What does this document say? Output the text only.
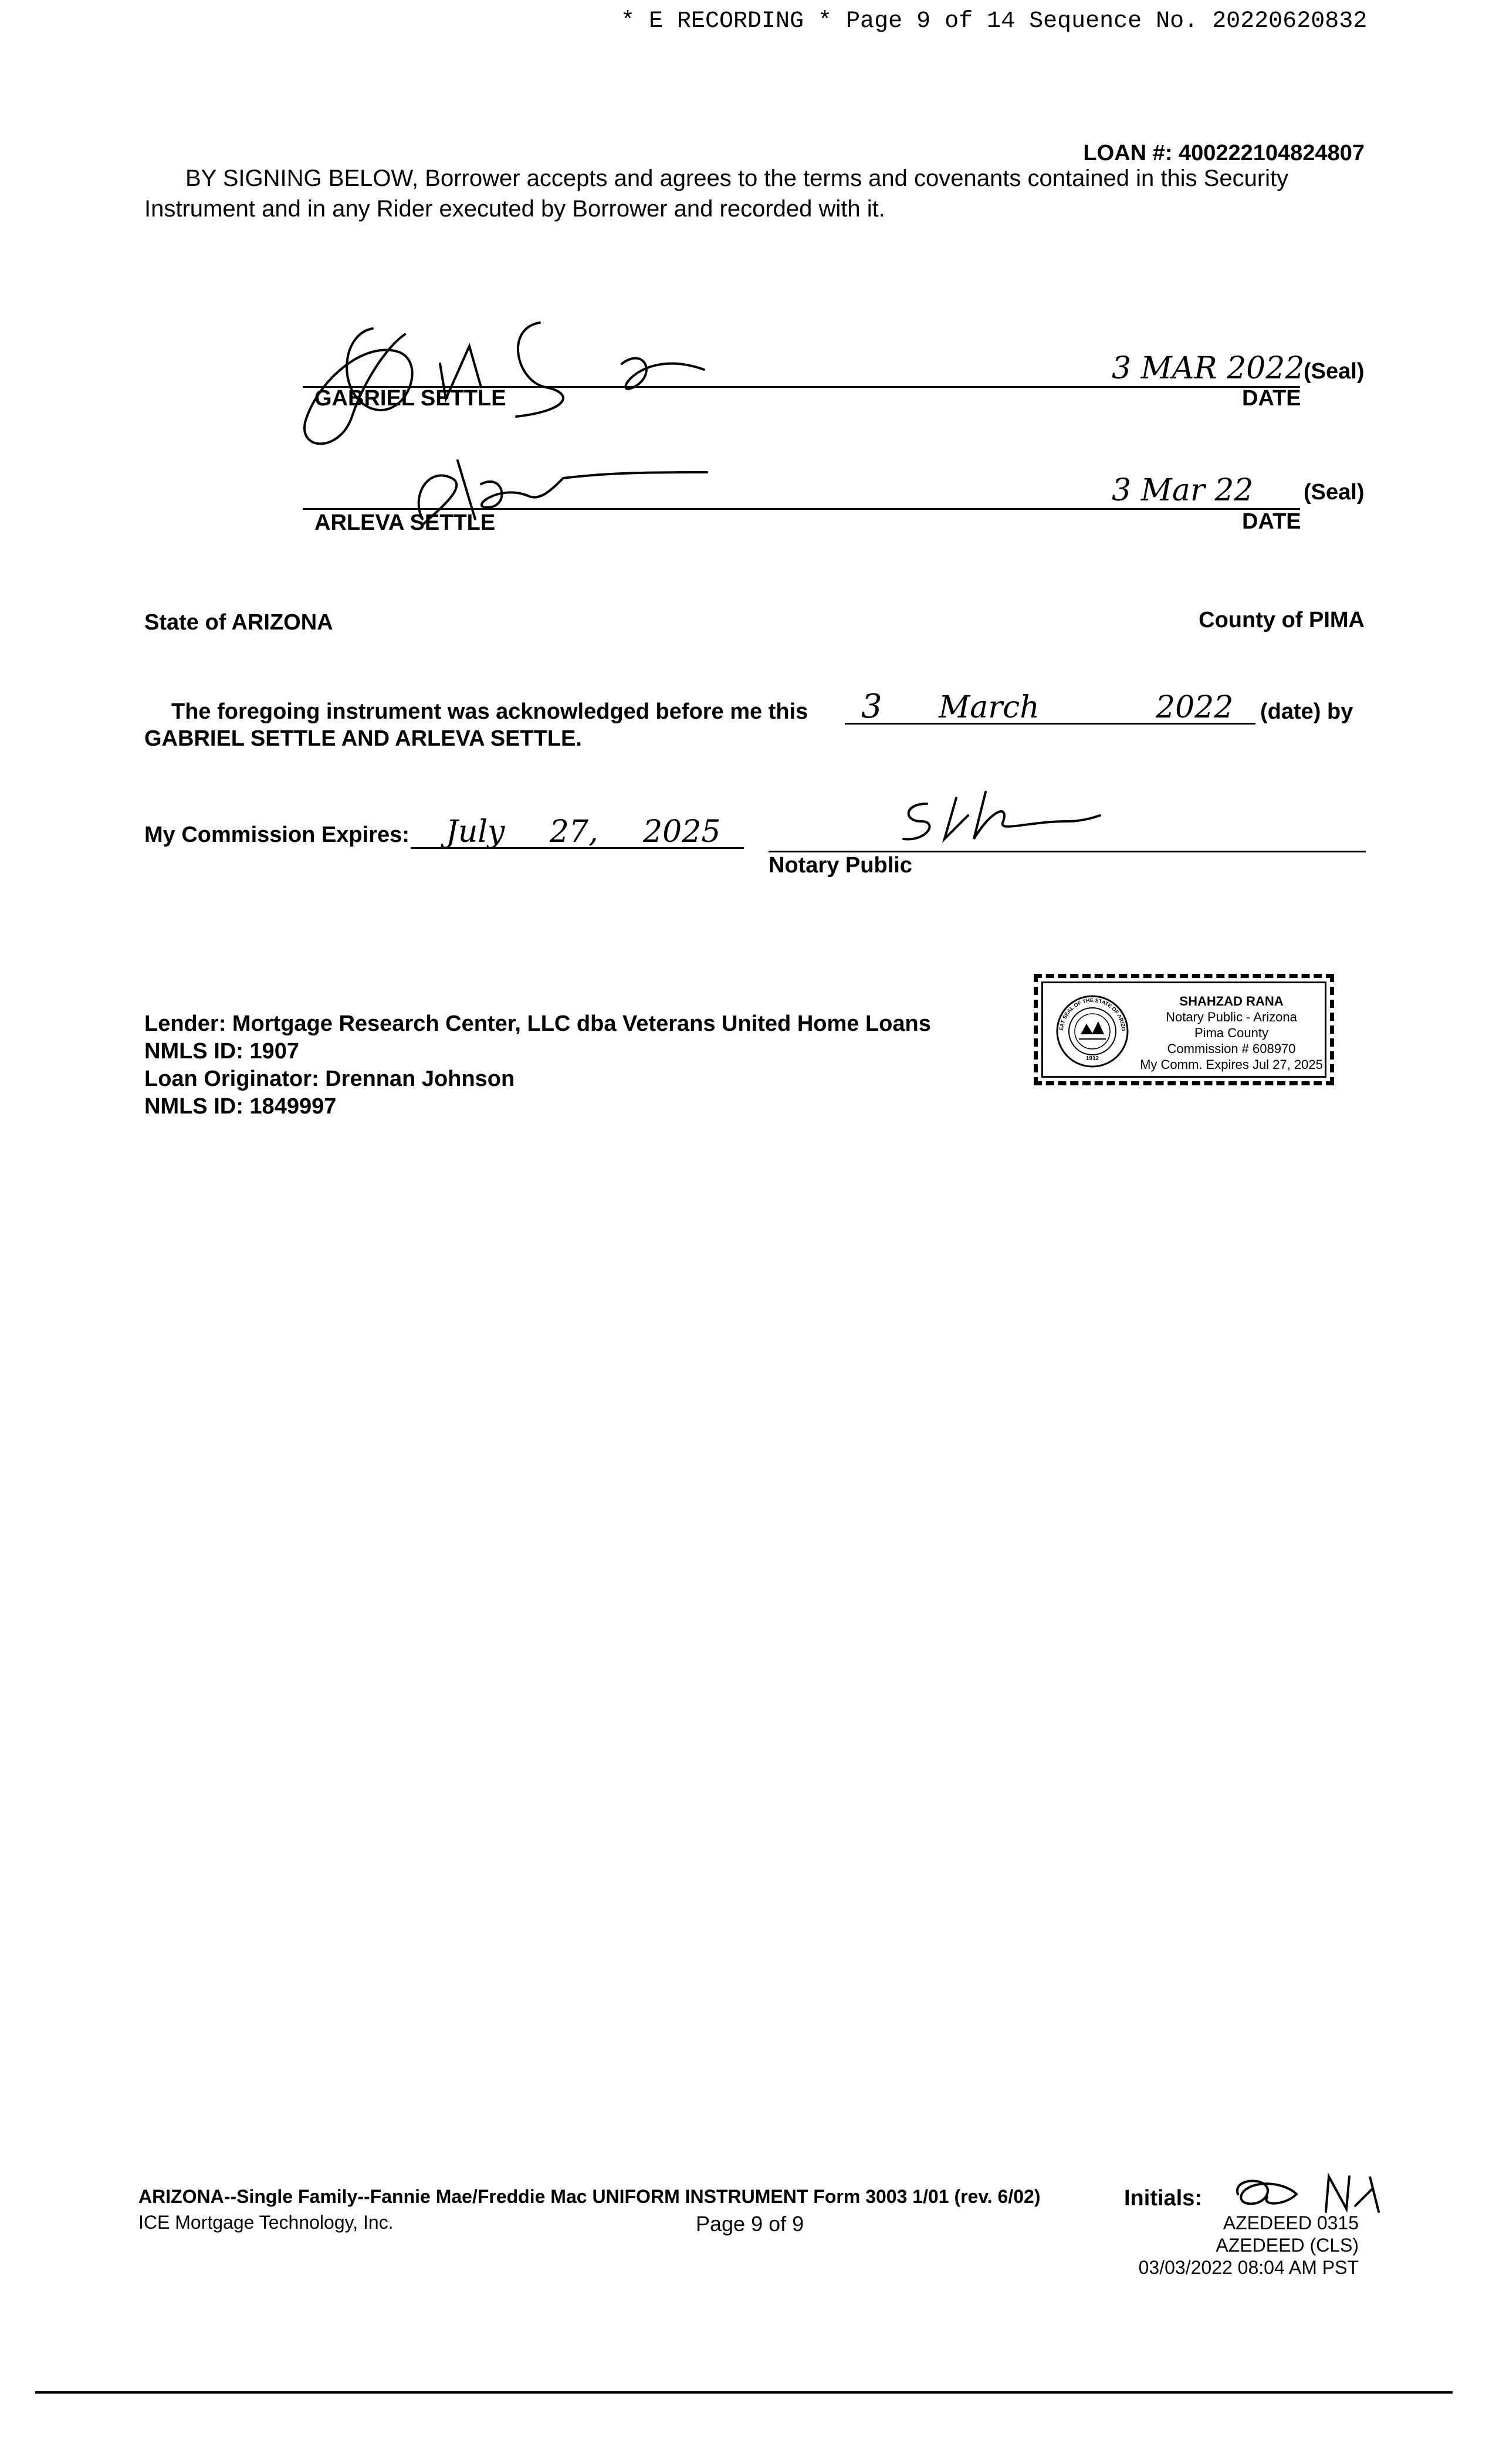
* E RECORDING * Page 9 of 14 Sequence No. 20220620832
LOAN #: 400222104824807
BY SIGNING BELOW, Borrower accepts and agrees to the terms and covenants contained in this Security
Instrument and in any Rider executed by Borrower and recorded with it.
GABRIEL SETTLE
3 MAR 2022
DATE
(Seal)
ARLEVA SETTLE
3 Mar 22
DATE
(Seal)
State of ARIZONA	County of PIMA
The foregoing instrument was acknowledged before me this 3 March	2022 (date) by
GABRIEL SETTLE AND ARLEVA SETTLE.
My Commission Expires: July 27, 2025
Notary Public
Lender: Mortgage Research Center, LLC dba Veterans United Home Loans
NMLS ID: 1907
Loan Originator: Drennan Johnson
NMLS ID: 1849997
GREAT SEAL OF THE STATE OF ARIZONA
1912
SHAHZAD RANA
Notary Public - Arizona
Pima County
Commission # 608970
My Comm. Expires Jul 27, 2025
ARIZONA--Single Family--Fannie Mae/Freddie Mac UNIFORM INSTRUMENT Form 3003 1/01 (rev. 6/02)
ICE Mortgage Technology, Inc.	Page 9 of 9
Initials:
AZEDEED 0315
AZEDEED (CLS)
03/03/2022 08:04 AM PST
